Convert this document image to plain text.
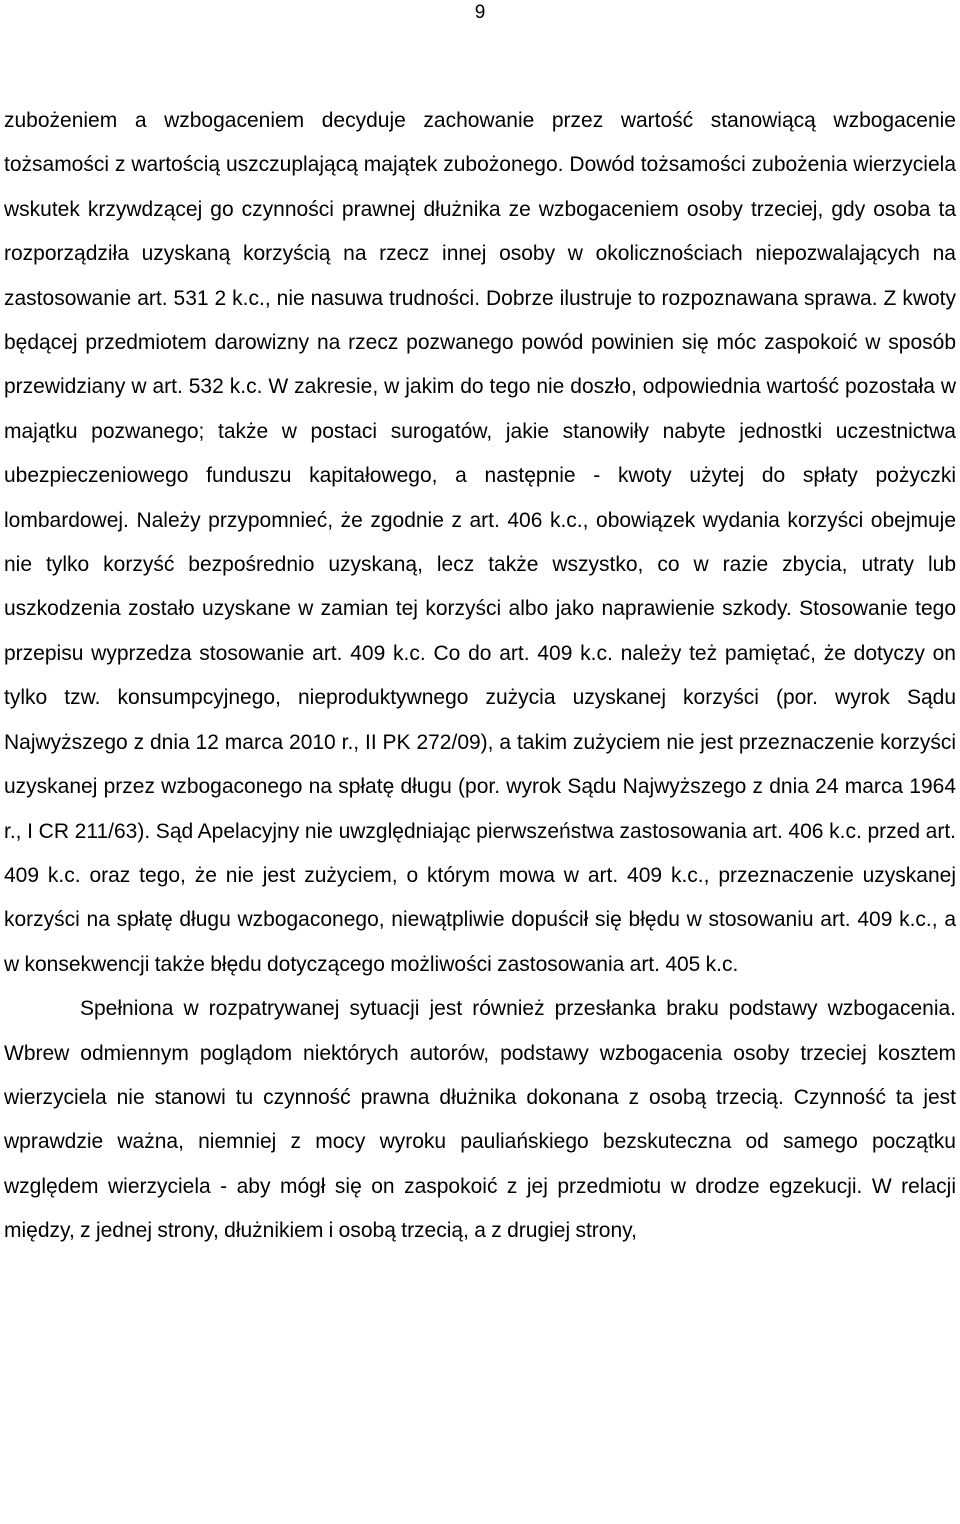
9

zubożeniem a wzbogaceniem decyduje zachowanie przez wartość stanowiącą wzbogacenie tożsamości z wartością uszczuplającą majątek zubożonego. Dowód tożsamości zubożenia wierzyciela wskutek krzywdzącej go czynności prawnej dłużnika ze wzbogaceniem osoby trzeciej, gdy osoba ta rozporządziła uzyskaną korzyścią na rzecz innej osoby w okolicznościach niepozwalających na zastosowanie art. 531 2 k.c., nie nasuwa trudności. Dobrze ilustruje to rozpoznawana sprawa. Z kwoty będącej przedmiotem darowizny na rzecz pozwanego powód powinien się móc zaspokoić w sposób przewidziany w art. 532 k.c. W zakresie, w jakim do tego nie doszło, odpowiednia wartość pozostała w majątku pozwanego; także w postaci surogatów, jakie stanowiły nabyte jednostki uczestnictwa ubezpieczeniowego funduszu kapitałowego, a następnie - kwoty użytej do spłaty pożyczki lombardowej. Należy przypomnieć, że zgodnie z art. 406 k.c., obowiązek wydania korzyści obejmuje nie tylko korzyść bezpośrednio uzyskaną, lecz także wszystko, co w razie zbycia, utraty lub uszkodzenia zostało uzyskane w zamian tej korzyści albo jako naprawienie szkody. Stosowanie tego przepisu wyprzedza stosowanie art. 409 k.c. Co do art. 409 k.c. należy też pamiętać, że dotyczy on tylko tzw. konsumpcyjnego, nieproduktywnego zużycia uzyskanej korzyści (por. wyrok Sądu Najwyższego z dnia 12 marca 2010 r., II PK 272/09), a takim zużyciem nie jest przeznaczenie korzyści uzyskanej przez wzbogaconego na spłatę długu (por. wyrok Sądu Najwyższego z dnia 24 marca 1964 r., I CR 211/63). Sąd Apelacyjny nie uwzględniając pierwszeństwa zastosowania art. 406 k.c. przed art. 409 k.c. oraz tego, że nie jest zużyciem, o którym mowa w art. 409 k.c., przeznaczenie uzyskanej korzyści na spłatę długu wzbogaconego, niewątpliwie dopuścił się błędu w stosowaniu art. 409 k.c., a w konsekwencji także błędu dotyczącego możliwości zastosowania art. 405 k.c.

Spełniona w rozpatrywanej sytuacji jest również przesłanka braku podstawy wzbogacenia. Wbrew odmiennym poglądom niektórych autorów, podstawy wzbogacenia osoby trzeciej kosztem wierzyciela nie stanowi tu czynność prawna dłużnika dokonana z osobą trzecią. Czynność ta jest wprawdzie ważna, niemniej z mocy wyroku pauliańskiego bezskuteczna od samego początku względem wierzyciela - aby mógł się on zaspokoić z jej przedmiotu w drodze egzekucji. W relacji między, z jednej strony, dłużnikiem i osobą trzecią, a z drugiej strony,
